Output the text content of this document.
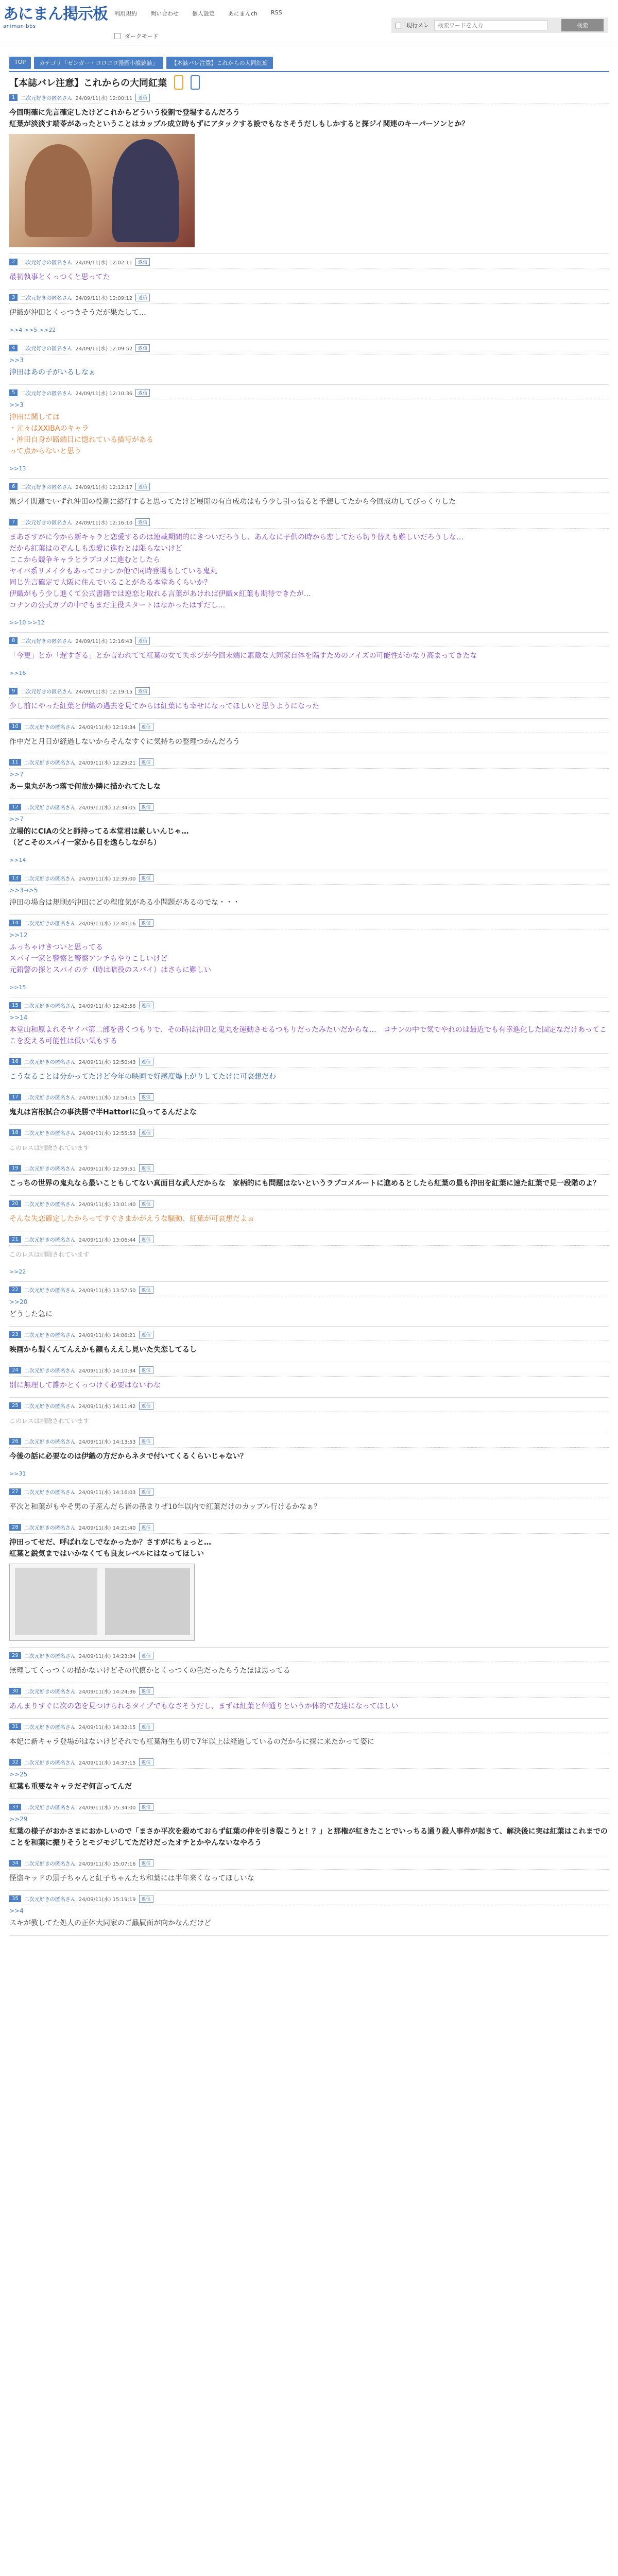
あにまん掲示板
animan bbs
利用規約 問い合わせ 個人設定 あにまんch RSS
ダークモード
現行スレ
検索ワードを入力	検索
TOP	カテゴリ「ゼンガー・コロコロ漫画小説雑誌」	【本誌バレ注意】これからの大同紅葉
【本誌バレ注意】これからの大同紅葉
1	二次元好きの匿名さん 24/09/11(水) 12:00:11	返信
今回明確に先言確定したけどこれからどういう役割で登場するんだろう
紅葉が淡淡す端苓があったということはカップル成立時もずにアタックする設でもなさそうだしもしかすると探ジイ関連のキーパーソンとか？
2	二次元好きの匿名さん 24/09/11(水) 12:02:11	返信
最初執事とくっつくと思ってた
3	二次元好きの匿名さん 24/09/11(水) 12:09:12	返信
伊織が沖田とくっつきそうだが果たして…
>>4 >>5 >>22
4	二次元好きの匿名さん 24/09/11(水) 12:09:52	返信
>>3
沖田はあの子がいるしなぁ
5	二次元好きの匿名さん 24/09/11(水) 12:10:36	返信
>>3
沖田に関しては
・元々はXXIBAのキャラ
・沖田自身が路端目に惚れている描写がある
って点からないと思う
>>13
6	二次元好きの匿名さん 24/09/11(水) 12:12:17	返信
黒ジイ関連でいずれ沖田の役割に絡行すると思ってたけど展開の有自成功はもう少し引っ張ると予想してたから今回成功してびっくりした
7	二次元好きの匿名さん 24/09/11(水) 12:16:10	返信
まあさすがに今から新キャラと恋愛するのは連載期間的にきついだろうし、あんなに子供の時から恋してたら切り替えも難しいだろうしな…
だから紅葉はのぞんしも恋愛に進むとは限らないけど
ここから競争キャラとラブコメに進むとしたら
ヤイバ系リメイクもあってコナンか他で同時登場もしている鬼丸
同じ先言確定で大阪に住んでいることがある本堂あくらいか？
伊織がもう少し進くて公式書籍では逆恋と取れる言葉があければ伊織×紅葉も期待できたが…
コナンの公式ガブの中でもまだ主役スタートはなかったはずだし…
>>10 >>12
8	二次元好きの匿名さん 24/09/11(水) 12:16:43	返信
「今更」とか「遅すぎる」とか言われてて紅葉の女て失ボジが今回末端に素敵な大同家自体を隔すためのノイズの可能性がかなり高まってきたな
>>16
9	二次元好きの匿名さん 24/09/11(水) 12:19:15	返信
少し前にやった紅葉と伊織の過去を見てからは紅葉にも幸せになってほしいと思うようになった
10	二次元好きの匿名さん 24/09/11(水) 12:19:34	返信
作中だと月日が経過しないからそんなすぐに気持ちの整理つかんだろう
11	二次元好きの匿名さん 24/09/11(水) 12:29:21	返信
>>7
あー鬼丸があつ落で何故か隣に描かれてたしな
12	二次元好きの匿名さん 24/09/11(水) 12:34:05	返信
>>7
立場的にCIAの父と師持ってる本堂君は厳しいんじゃ…
（どこそのスパイ一家から目を逸らしながら）
>>14
13	二次元好きの匿名さん 24/09/11(水) 12:39:00	返信
>>3→>5
沖田の場合は規則が沖田にどの程度気がある小問題があるのでな・・・
14	二次元好きの匿名さん 24/09/11(水) 12:40:16	返信
>>12
ふっちゃけきついと思ってる
スパイ一家と警察と警察アンチもやりこしいけど
元鉛警の探とスパイのテ（時は暗役のスパイ）はさらに難しい
>>15
15	二次元好きの匿名さん 24/09/11(水) 12:42:56	返信
>>14
本堂山和原よれそヤイバ第二部を書くつもりで、その時は沖田と鬼丸を運動させるつもりだったみたいだからな…　コナンの中で気でやれのは最近でも有幸進化した固定なだけあってここを変える可能性は低い気もする
16	二次元好きの匿名さん 24/09/11(水) 12:50:43	返信
こうなることは分かってたけど今年の映画で好感度爆上がりしてたけに可哀想だわ
17	二次元好きの匿名さん 24/09/11(水) 12:54:15	返信
鬼丸は宮根試合の事決勝で半Hattoriに負ってるんだよな
18	二次元好きの匿名さん 24/09/11(水) 12:55:53	返信
このレスは削除されています
19	二次元好きの匿名さん 24/09/11(水) 12:59:51	返信
こっちの世界の鬼丸なら最いこともしてない真面目な武人だからな　家柄的にも問題はないというラブコメルートに進めるとしたら紅葉の最も沖田を紅葉に速た紅葉で見一段階のよ？
20	二次元好きの匿名さん 24/09/11(水) 13:01:40	返信
そんな失恋確定したからってすぐさまかがえうな騒動、紅葉が可哀想だよぉ
21	二次元好きの匿名さん 24/09/11(水) 13:06:44	返信
このレスは削除されています
>>22
22	二次元好きの匿名さん 24/09/11(水) 13:57:50	返信
>>20
どうした急に
23	二次元好きの匿名さん 24/09/11(水) 14:06:21	返信
映画から製くんてんえかも顔もええし見いた失恋してるし
24	二次元好きの匿名さん 24/09/11(水) 14:10:34	返信
別に無理して誰かとくっつけく必要はないわな
25	二次元好きの匿名さん 24/09/11(水) 14:11:42	返信
このレスは削除されています
26	二次元好きの匿名さん 24/09/11(水) 14:13:53	返信
今後の話に必要なのは伊織の方だからネタで付いてくるくらいじゃない？
>>31
27	二次元好きの匿名さん 24/09/11(水) 14:16:03	返信
平次と和葉がもやそ男の子産んだら皆の孫まりぜ10年以内で紅葉だけのカップル行けるかなぁ？
28	二次元好きの匿名さん 24/09/11(水) 14:21:40	返信
沖田ってせだ、呼ばれなしでなかったか？さすがにちょっと…
紅葉と鋭気まではいかなくても良友レベルにはなってほしい
29	二次元好きの匿名さん 24/09/11(水) 14:23:34	返信
無理してくっつくの描かないけどその代償かとくっつくの色だったらうたほは思ってる
30	二次元好きの匿名さん 24/09/11(水) 14:24:36	返信
あんまりすぐに次の恋を見つけられるタイプでもなさそうだし、まずは紅葉と仲通りというか体的で友達になってほしい
31	二次元好きの匿名さん 24/09/11(水) 14:32:15	返信
本妃に新キャラ登場がはないけどそれでも紅葉海生も切で7年以上は経過しているのだからに探に来たかって姿に
32	二次元好きの匿名さん 24/09/11(水) 14:37:15	返信
>>25
紅葉も重要なキャラだぞ何言ってんだ
33	二次元好きの匿名さん 24/09/11(水) 15:34:00	返信
>>29
紅葉の様子がおかさまにおかしいので「まさか平次を殺めておらず紅葉の仲を引き裂こうと！？」と那権が紅きたことでいっちる通り殺人事件が起きて、解決後に実は紅葉はこれまでのことを和葉に振りそうとモジモジしてただけだったオチとかやんないなやろう
34	二次元好きの匿名さん 24/09/11(水) 15:07:16	返信
怪盗キッドの黒子ちゃんと紅子ちゃんたち和葉には半年来くなってほしいな
35	二次元好きの匿名さん 24/09/11(水) 15:19:19	返信
>>4
スキが教してた処人の正体大同家のご贔屓面が向かなんだけど
